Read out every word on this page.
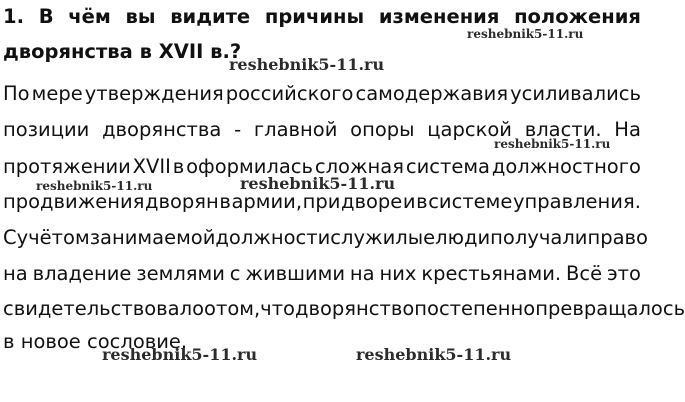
1. В чём вы видите причины изменения положения
дворянства в XVII в.?
По мере утверждения российского самодержавия усиливались
позиции дворянства - главной опоры царской власти. На
протяжении XVII в оформилась сложная система должностного
продвижения дворян в армии, при дворе и в системе управления.
С учётом занимаемой должности служилые люди получали право
на владение землями с жившими на них крестьянами. Всё это
свидетельствовало о том, что дворянство постепенно превращалось
в новое сословие.
reshebnik5-11.ru
reshebnik5-11.ru
reshebnik5-11.ru
reshebnik5-11.ru	reshebnik5-11.ru
reshebnik5-11.ru	reshebnik5-11.ru
